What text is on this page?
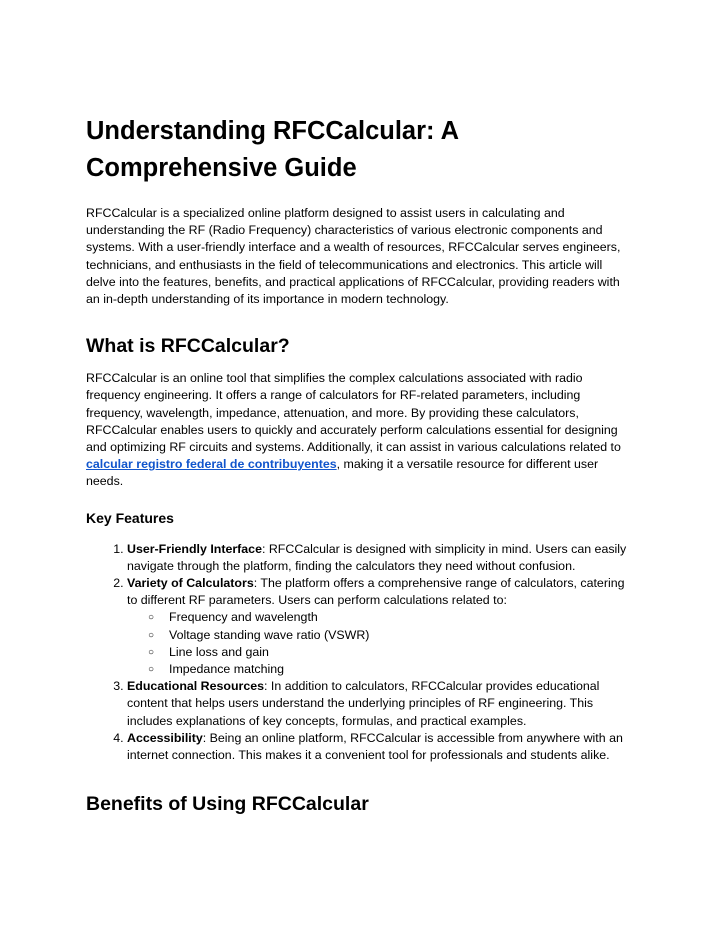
Understanding RFCCalcular: A Comprehensive Guide

RFCCalcular is a specialized online platform designed to assist users in calculating and understanding the RF (Radio Frequency) characteristics of various electronic components and systems. With a user-friendly interface and a wealth of resources, RFCCalcular serves engineers, technicians, and enthusiasts in the field of telecommunications and electronics. This article will delve into the features, benefits, and practical applications of RFCCalcular, providing readers with an in-depth understanding of its importance in modern technology.

What is RFCCalcular?

RFCCalcular is an online tool that simplifies the complex calculations associated with radio frequency engineering. It offers a range of calculators for RF-related parameters, including frequency, wavelength, impedance, attenuation, and more. By providing these calculators, RFCCalcular enables users to quickly and accurately perform calculations essential for designing and optimizing RF circuits and systems. Additionally, it can assist in various calculations related to calcular registro federal de contribuyentes, making it a versatile resource for different user needs.

Key Features
1. User-Friendly Interface: RFCCalcular is designed with simplicity in mind. Users can easily navigate through the platform, finding the calculators they need without confusion.
2. Variety of Calculators: The platform offers a comprehensive range of calculators, catering to different RF parameters. Users can perform calculations related to:
○ Frequency and wavelength
○ Voltage standing wave ratio (VSWR)
○ Line loss and gain
○ Impedance matching
3. Educational Resources: In addition to calculators, RFCCalcular provides educational content that helps users understand the underlying principles of RF engineering. This includes explanations of key concepts, formulas, and practical examples.
4. Accessibility: Being an online platform, RFCCalcular is accessible from anywhere with an internet connection. This makes it a convenient tool for professionals and students alike.
Benefits of Using RFCCalcular
